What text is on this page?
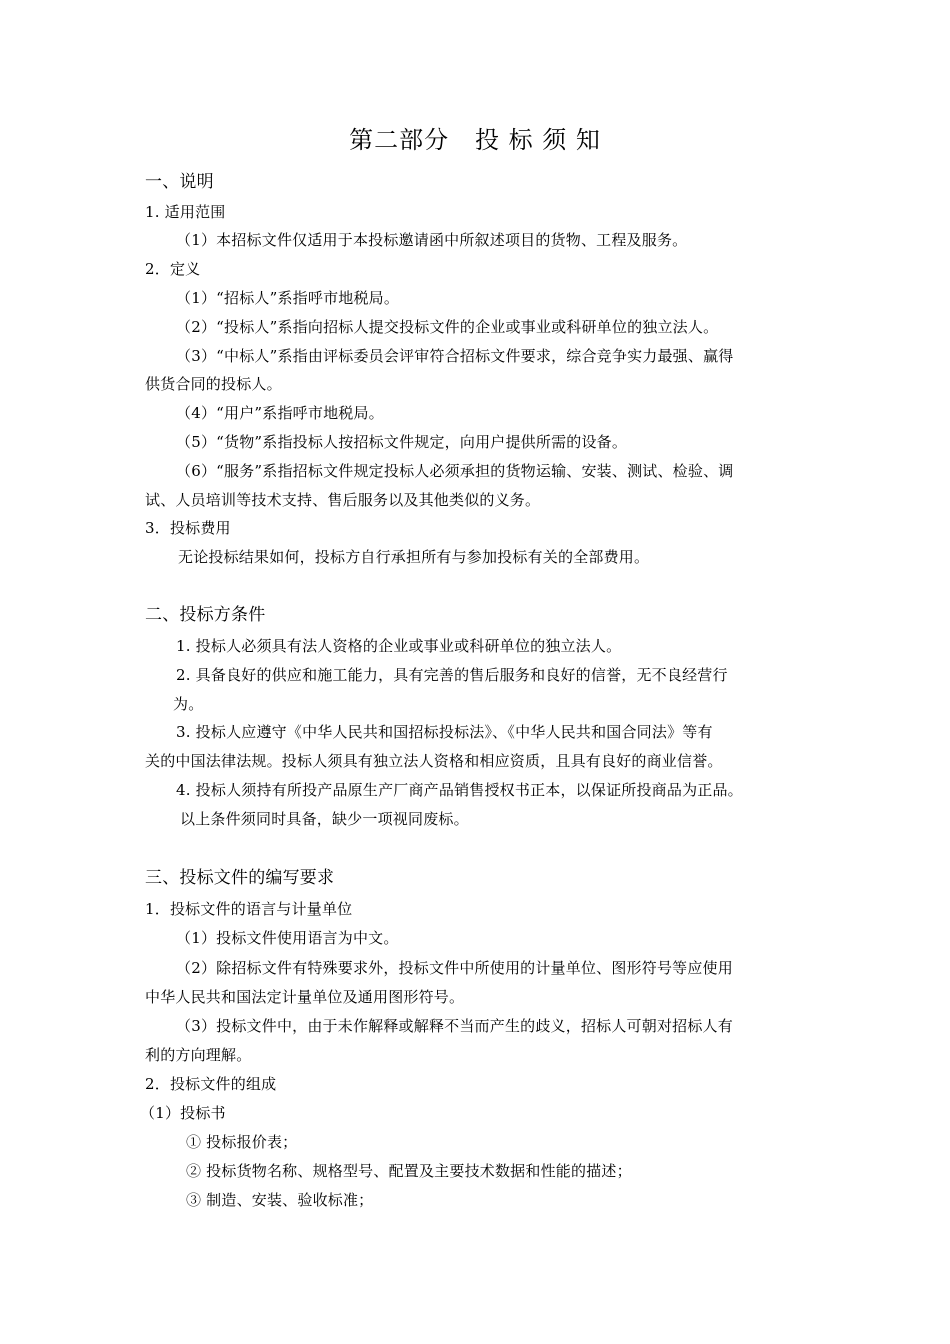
第二部分   投 标 须 知
一、说明
1. 适用范围
（1）本招标文件仅适用于本投标邀请函中所叙述项目的货物、工程及服务。
2．定义
（1）“招标人”系指呼市地税局。
（2）“投标人”系指向招标人提交投标文件的企业或事业或科研单位的独立法人。
（3）“中标人”系指由评标委员会评审符合招标文件要求，综合竞争实力最强、赢得
供货合同的投标人。
（4）“用户”系指呼市地税局。
（5）“货物”系指投标人按招标文件规定，向用户提供所需的设备。
（6）“服务”系指招标文件规定投标人必须承担的货物运输、安装、测试、检验、调
试、人员培训等技术支持、售后服务以及其他类似的义务。
3．投标费用
无论投标结果如何，投标方自行承担所有与参加投标有关的全部费用。
二、投标方条件
1. 投标人必须具有法人资格的企业或事业或科研单位的独立法人。
2. 具备良好的供应和施工能力，具有完善的售后服务和良好的信誉，无不良经营行
为。
3. 投标人应遵守《中华人民共和国招标投标法》、《中华人民共和国合同法》等有
关的中国法律法规。投标人须具有独立法人资格和相应资质，且具有良好的商业信誉。
4. 投标人须持有所投产品原生产厂商产品销售授权书正本，以保证所投商品为正品。
以上条件须同时具备，缺少一项视同废标。
三、投标文件的编写要求
1．投标文件的语言与计量单位
（1）投标文件使用语言为中文。
（2）除招标文件有特殊要求外，投标文件中所使用的计量单位、图形符号等应使用
中华人民共和国法定计量单位及通用图形符号。
（3）投标文件中，由于未作解释或解释不当而产生的歧义，招标人可朝对招标人有
利的方向理解。
2．投标文件的组成
（1）投标书
① 投标报价表；
② 投标货物名称、规格型号、配置及主要技术数据和性能的描述；
③ 制造、安装、验收标准；
